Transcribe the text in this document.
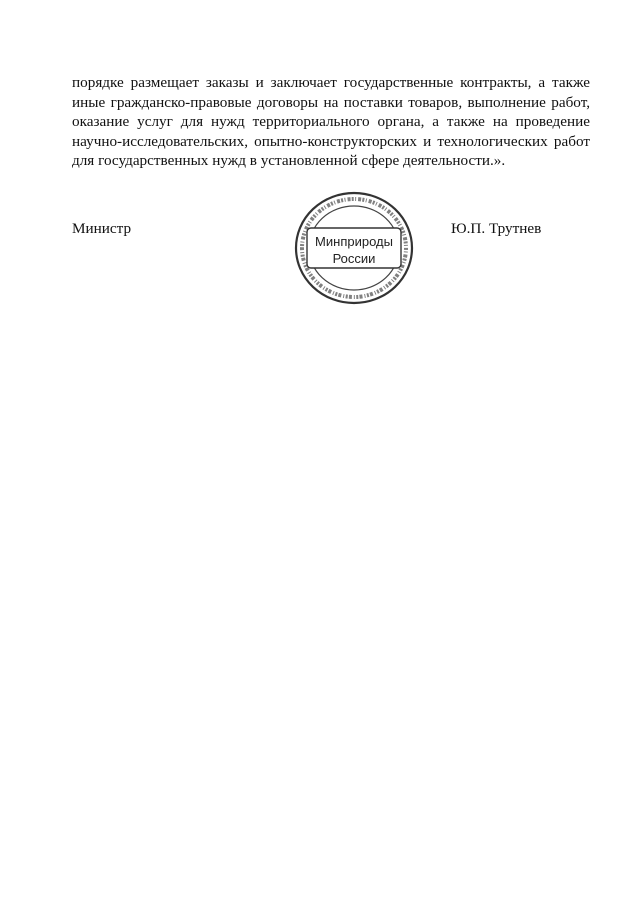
порядке размещает заказы и заключает государственные контракты, а также
иные гражданско-правовые договоры на поставки товаров, выполнение работ,
оказание услуг для нужд территориального органа, а также на проведение
научно-исследовательских, опытно-конструкторских и технологических работ
для государственных нужд в установленной сфере деятельности.».
Министр
Минприроды
России
Ю.П. Трутнев
